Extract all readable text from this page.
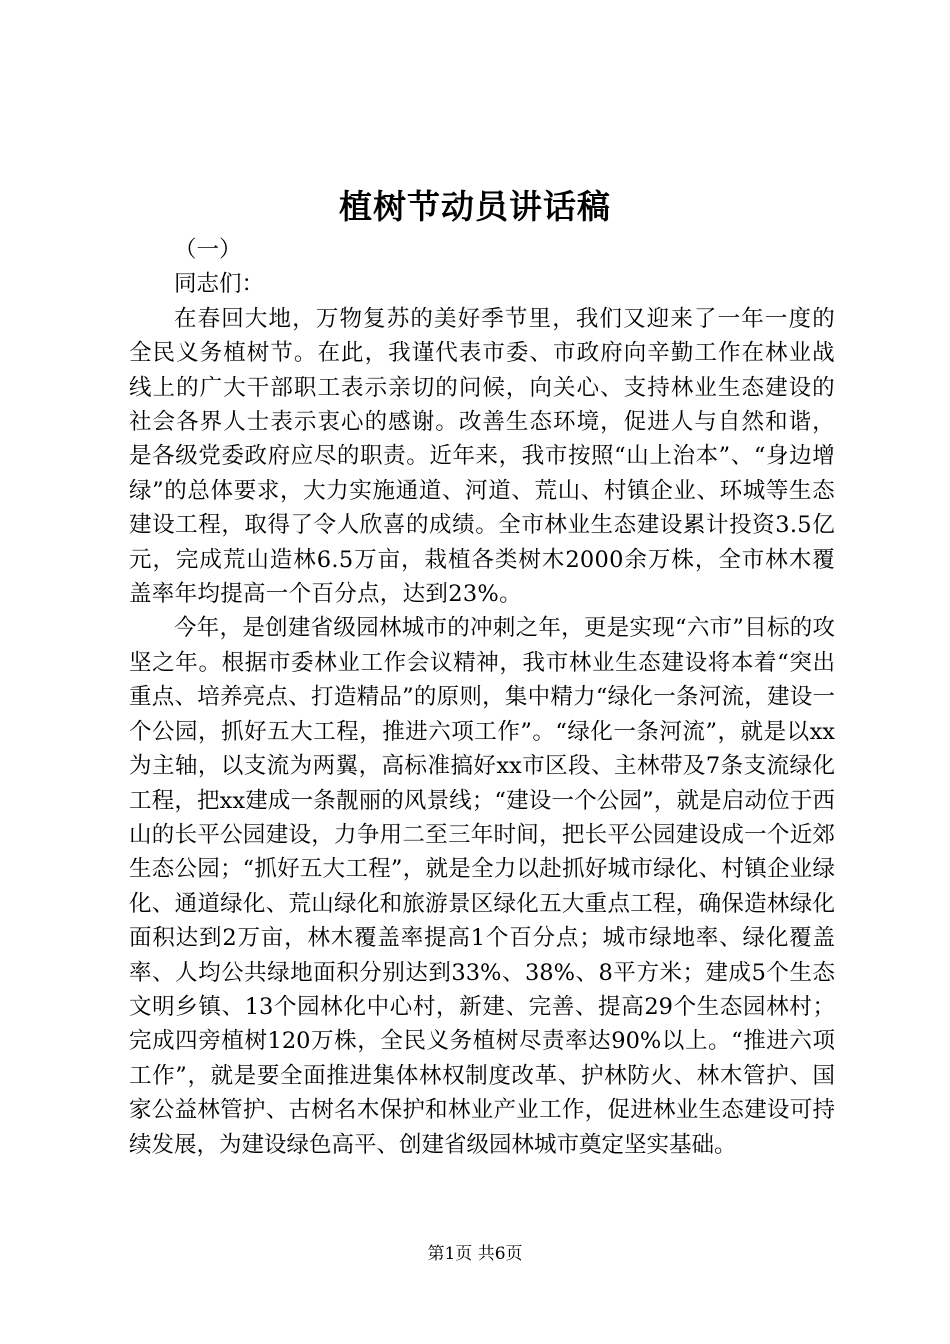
植树节动员讲话稿

（一）

同志们：

在春回大地，万物复苏的美好季节里，我们又迎来了一年一度的全民义务植树节。在此，我谨代表市委、市政府向辛勤工作在林业战线上的广大干部职工表示亲切的问候，向关心、支持林业生态建设的社会各界人士表示衷心的感谢。改善生态环境，促进人与自然和谐，是各级党委政府应尽的职责。近年来，我市按照“山上治本”、“身边增绿”的总体要求，大力实施通道、河道、荒山、村镇企业、环城等生态建设工程，取得了令人欣喜的成绩。全市林业生态建设累计投资3.5亿元，完成荒山造林6.5万亩，栽植各类树木2000余万株，全市林木覆盖率年均提高一个百分点，达到23%。

今年，是创建省级园林城市的冲刺之年，更是实现“六市”目标的攻坚之年。根据市委林业工作会议精神，我市林业生态建设将本着“突出重点、培养亮点、打造精品”的原则，集中精力“绿化一条河流，建设一个公园，抓好五大工程，推进六项工作”。“绿化一条河流”，就是以xx为主轴，以支流为两翼，高标准搞好xx市区段、主林带及7条支流绿化工程，把xx建成一条靓丽的风景线；“建设一个公园”，就是启动位于西山的长平公园建设，力争用二至三年时间，把长平公园建设成一个近郊生态公园；“抓好五大工程”，就是全力以赴抓好城市绿化、村镇企业绿化、通道绿化、荒山绿化和旅游景区绿化五大重点工程，确保造林绿化面积达到2万亩，林木覆盖率提高1个百分点；城市绿地率、绿化覆盖率、人均公共绿地面积分别达到33%、38%、8平方米；建成5个生态文明乡镇、13个园林化中心村，新建、完善、提高29个生态园林村；完成四旁植树120万株，全民义务植树尽责率达90%以上。“推进六项工作”，就是要全面推进集体林权制度改革、护林防火、林木管护、国家公益林管护、古树名木保护和林业产业工作，促进林业生态建设可持续发展，为建设绿色高平、创建省级园林城市奠定坚实基础。

第1页 共6页
